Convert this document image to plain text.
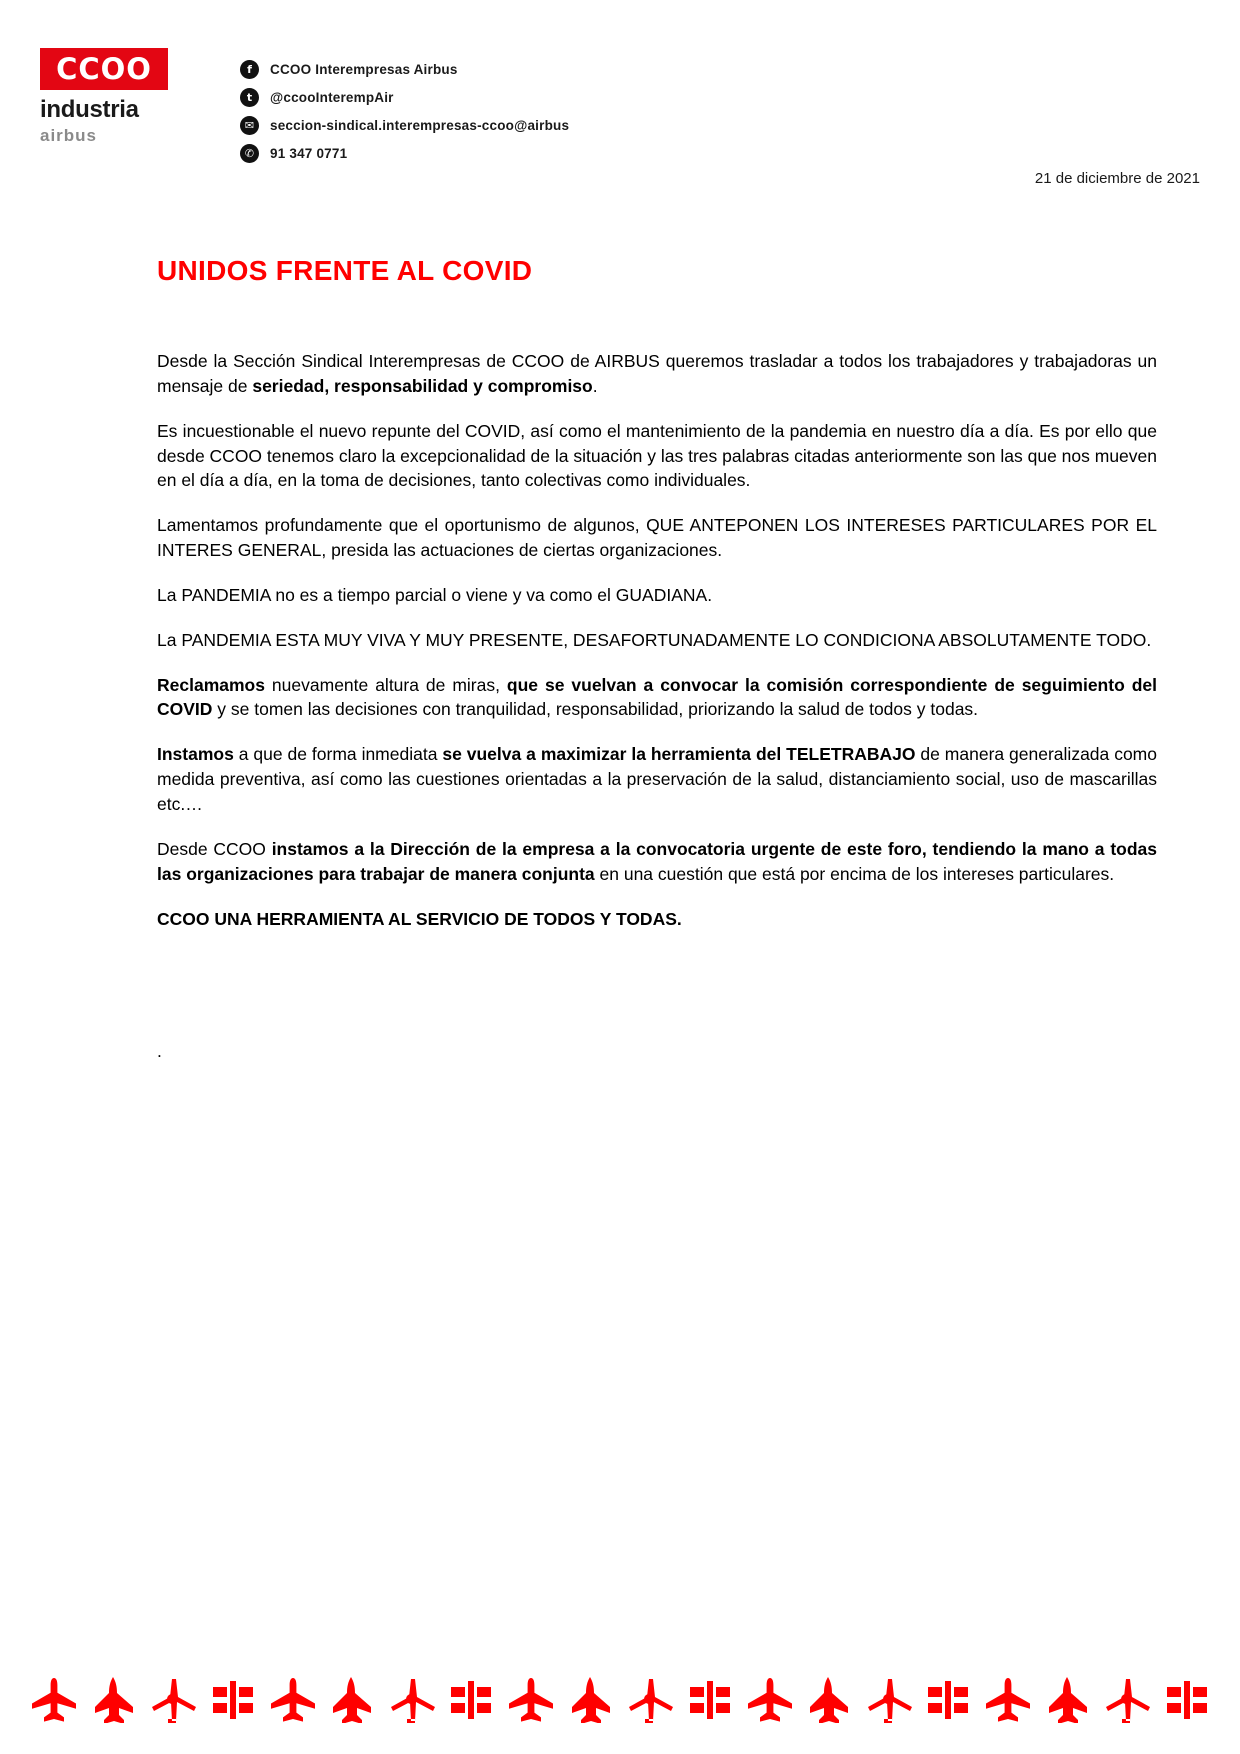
CCOO
industria
airbus
f	CCOO Interempresas Airbus
t	@ccooInterempAir
✉	seccion-sindical.interempresas-ccoo@airbus
✆	91 347 0771
21 de diciembre de 2021
UNIDOS FRENTE AL COVID

Desde la Sección Sindical Interempresas de CCOO de AIRBUS queremos trasladar a todos los trabajadores y trabajadoras un mensaje de seriedad, responsabilidad y compromiso.

Es incuestionable el nuevo repunte del COVID, así como el mantenimiento de la pandemia en nuestro día a día. Es por ello que desde CCOO tenemos claro la excepcionalidad de la situación y las tres palabras citadas anteriormente son las que nos mueven en el día a día, en la toma de decisiones, tanto colectivas como individuales.

Lamentamos profundamente que el oportunismo de algunos, QUE ANTEPONEN LOS INTERESES PARTICULARES POR EL INTERES GENERAL, presida las actuaciones de ciertas organizaciones.

La PANDEMIA no es a tiempo parcial o viene y va como el GUADIANA.

La PANDEMIA ESTA MUY VIVA Y MUY PRESENTE, DESAFORTUNADAMENTE LO CONDICIONA ABSOLUTAMENTE TODO.

Reclamamos nuevamente altura de miras, que se vuelvan a convocar la comisión correspondiente de seguimiento del COVID y se tomen las decisiones con tranquilidad, responsabilidad, priorizando la salud de todos y todas.

Instamos a que de forma inmediata se vuelva a maximizar la herramienta del TELETRABAJO de manera generalizada como medida preventiva, así como las cuestiones orientadas a la preservación de la salud, distanciamiento social, uso de mascarillas etc.…

Desde CCOO instamos a la Dirección de la empresa a la convocatoria urgente de este foro, tendiendo la mano a todas las organizaciones para trabajar de manera conjunta en una cuestión que está por encima de los intereses particulares.

CCOO UNA HERRAMIENTA AL SERVICIO DE TODOS Y TODAS.

.
